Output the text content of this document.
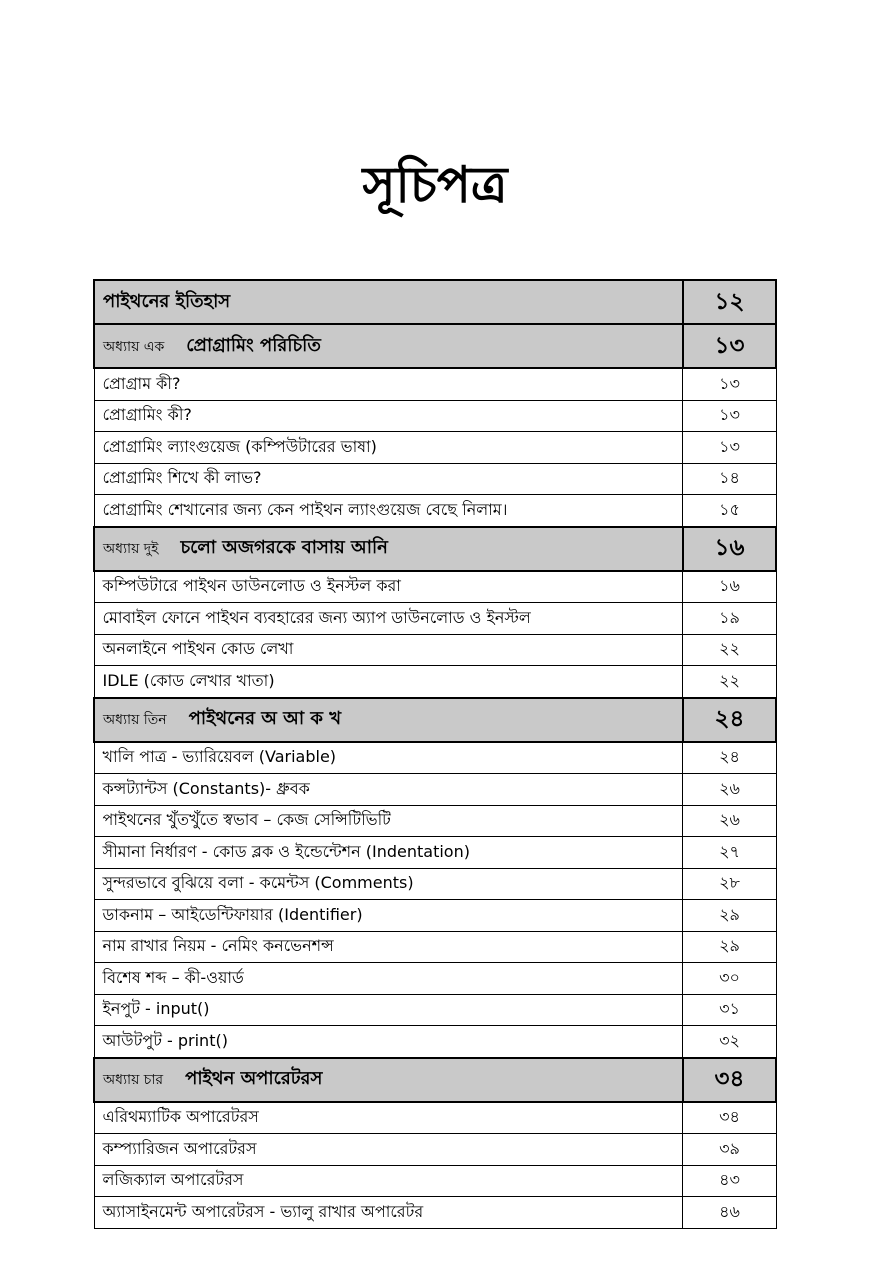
সূচিপত্র
পাইথনের ইতিহাস	১২
অধ্যায় এক প্রোগ্রামিং পরিচিতি	১৩
প্রোগ্রাম কী?	১৩
প্রোগ্রামিং কী?	১৩
প্রোগ্রামিং ল্যাংগুয়েজ (কম্পিউটারের ভাষা)	১৩
প্রোগ্রামিং শিখে কী লাভ?	১৪
প্রোগ্রামিং শেখানোর জন্য কেন পাইথন ল্যাংগুয়েজ বেছে নিলাম।	১৫
অধ্যায় দুই চলো অজগরকে বাসায় আনি	১৬
কম্পিউটারে পাইথন ডাউনলোড ও ইনস্টল করা	১৬
মোবাইল ফোনে পাইথন ব্যবহারের জন্য অ্যাপ ডাউনলোড ও ইনস্টল	১৯
অনলাইনে পাইথন কোড লেখা	২২
IDLE (কোড লেখার খাতা)	২২
অধ্যায় তিন পাইথনের অ আ ক খ	২৪
খালি পাত্র - ভ্যারিয়েবল (Variable)	২৪
কন্সট্যান্টস (Constants)- ধ্রুবক	২৬
পাইথনের খুঁতখুঁতে স্বভাব – কেজ সেন্সিটিভিটি	২৬
সীমানা নির্ধারণ - কোড ব্লক ও ইন্ডেন্টেশন (Indentation)	২৭
সুন্দরভাবে বুঝিয়ে বলা - কমেন্টস (Comments)	২৮
ডাকনাম – আইডেন্টিফায়ার (Identifier)	২৯
নাম রাখার নিয়ম - নেমিং কনভেনশন্স	২৯
বিশেষ শব্দ – কী-ওয়ার্ড	৩০
ইনপুট - input()	৩১
আউটপুট - print()	৩২
অধ্যায় চার পাইথন অপারেটরস	৩৪
এরিথম্যাটিক অপারেটরস	৩৪
কম্প্যারিজন অপারেটরস	৩৯
লজিক্যাল অপারেটরস	৪৩
অ্যাসাইনমেন্ট অপারেটরস - ভ্যালু রাখার অপারেটর	৪৬
